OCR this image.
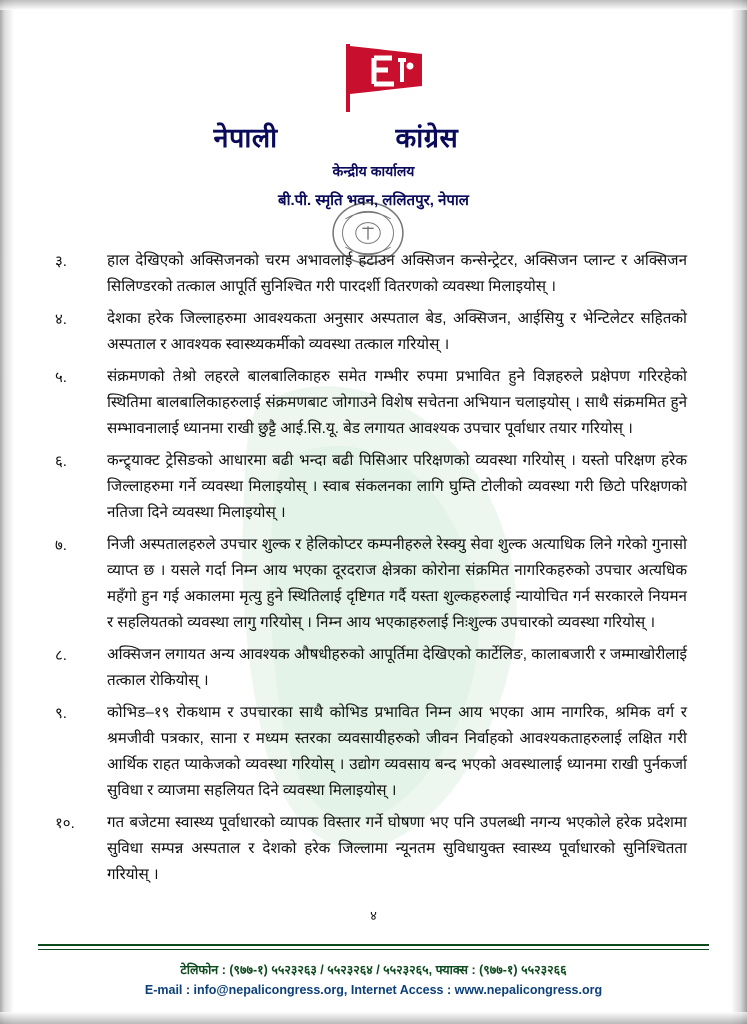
नेपाली	कांग्रेस
केन्द्रीय कार्यालय
बी.पी. स्मृति भवन, ललितपुर, नेपाल
३.	हाल देखिएको अक्सिजनको चरम अभावलाई हटाउन अक्सिजन कन्सेन्ट्रेटर, अक्सिजन प्लान्ट र अक्सिजन सिलिण्डरको तत्काल आपूर्ति सुनिश्चित गरी पारदर्शी वितरणको व्यवस्था मिलाइयोस् ।
४.	देशका हरेक जिल्लाहरुमा आवश्यकता अनुसार अस्पताल बेड, अक्सिजन, आईसियु र भेन्टिलेटर सहितको अस्पताल र आवश्यक स्वास्थ्यकर्मीको व्यवस्था तत्काल गरियोस् ।
५.	संक्रमणको तेश्रो लहरले बालबालिकाहरु समेत गम्भीर रुपमा प्रभावित हुने विज्ञहरुले प्रक्षेपण गरिरहेको स्थितिमा बालबालिकाहरुलाई संक्रमणबाट जोगाउने विशेष सचेतना अभियान चलाइयोस् । साथै संक्रममित हुने सम्भावनालाई ध्यानमा राखी छुट्टै आई.सि.यू. बेड लगायत आवश्यक उपचार पूर्वाधार तयार गरियोस् ।
६.	कन्ट्र्याक्ट ट्रेसिङको आधारमा बढी भन्दा बढी पिसिआर परिक्षणको व्यवस्था गरियोस् । यस्तो परिक्षण हरेक जिल्लाहरुमा गर्ने व्यवस्था मिलाइयोस् । स्वाब संकलनका लागि घुम्ति टोलीको व्यवस्था गरी छिटो परिक्षणको नतिजा दिने व्यवस्था मिलाइयोस् ।
७.	निजी अस्पतालहरुले उपचार शुल्क र हेलिकोप्टर कम्पनीहरुले रेस्क्यु सेवा शुल्क अत्याधिक लिने गरेकाे गुनासो व्याप्त छ । यसले गर्दा निम्न आय भएका दूरदराज क्षेत्रका कोरोना संक्रमित नागरिकहरुको उपचार अत्यधिक महँगो हुन गई अकालमा मृत्यु हुने स्थितिलाई दृष्टिगत गर्दै यस्ता शुल्कहरुलाई न्यायोचित गर्न सरकारले नियमन र सहलियतको व्यवस्था लागु गरियोस् । निम्न आय भएकाहरुलाई निःशुल्क उपचारको व्यवस्था गरियोस् ।
८.	अक्सिजन लगायत अन्य आवश्यक औषधीहरुको आपूर्तिमा देखिएको कार्टेलिङ, कालाबजारी र जम्माखोरीलाई तत्काल रोकियोस् ।
९.	कोभिड–१९ रोकथाम र उपचारका साथै कोभिड प्रभावित निम्न आय भएका आम नागरिक, श्रमिक वर्ग र श्रमजीवी पत्रकार, साना र मध्यम स्तरका व्यवसायीहरुको जीवन निर्वाहको आवश्यकताहरुलाई लक्षित गरी आर्थिक राहत प्याकेजको व्यवस्था गरियोस् । उद्योग व्यवसाय बन्द भएको अवस्थालाई ध्यानमा राखी पुर्नकर्जा सुविधा र व्याजमा सहलियत दिने व्यवस्था मिलाइयोस् ।
१०.	गत बजेटमा स्वास्थ्य पूर्वाधारको व्यापक विस्तार गर्ने घोषणा भए पनि उपलब्धी नगन्य भएकोले हरेक प्रदेशमा सुविधा सम्पन्न अस्पताल र देशको हरेक जिल्लामा न्यूनतम सुविधायुक्त स्वास्थ्य पूर्वाधारको सुनिश्चितता गरियोस् ।
४
टेलिफोन : (९७७-१) ५५२३२६३ / ५५२३२६४ / ५५२३२६५, फ्याक्स : (९७७-१) ५५२३२६६
E-mail : info@nepalicongress.org, Internet Access : www.nepalicongress.org
